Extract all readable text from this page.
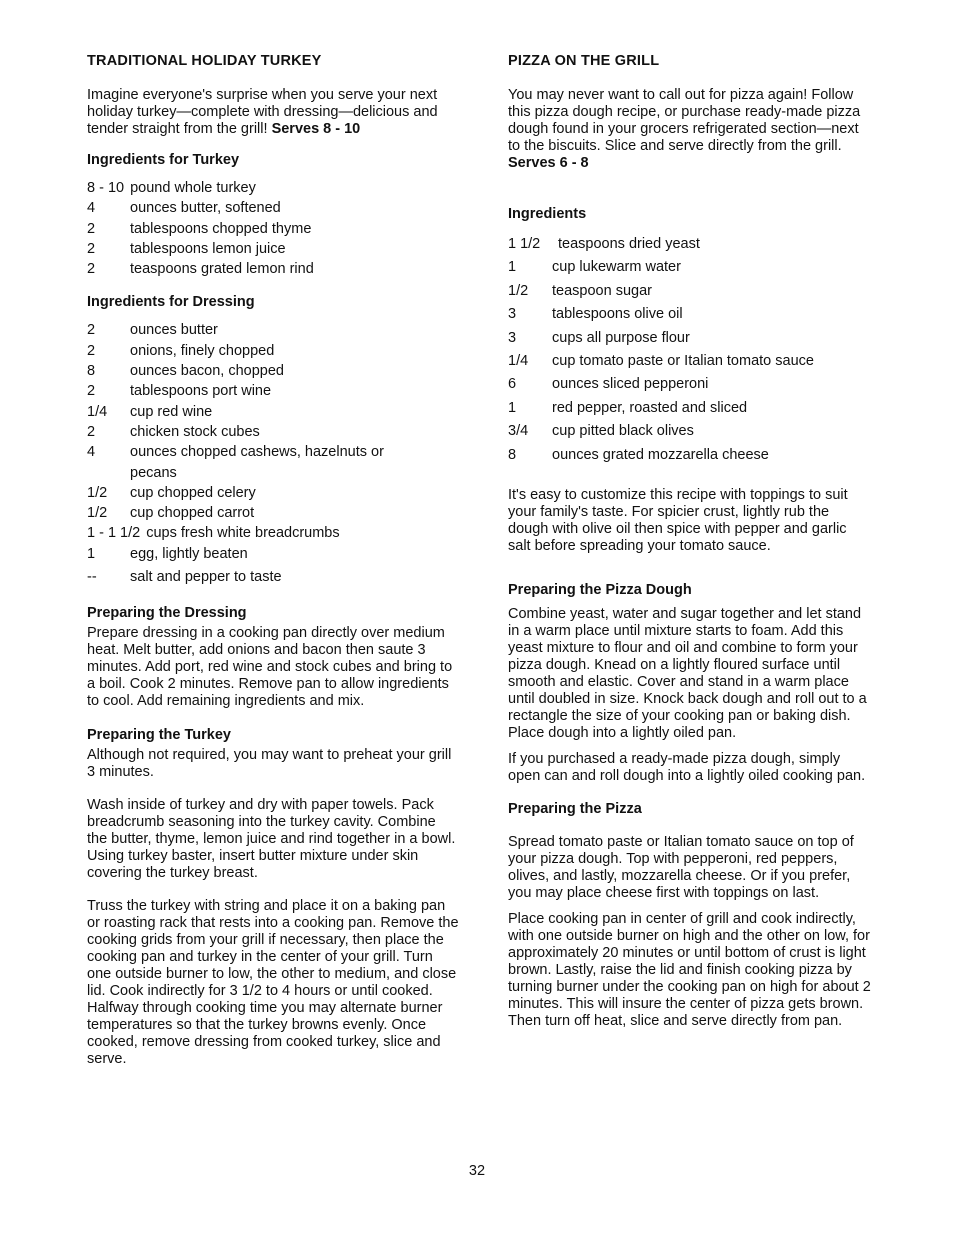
TRADITIONAL HOLIDAY TURKEY

Imagine everyone's surprise when you serve your next holiday turkey—complete with dressing—delicious and tender straight from the grill! Serves 8 - 10

Ingredients for Turkey
8 - 10 pound whole turkey
4	ounces butter, softened
2	tablespoons chopped thyme
2	tablespoons lemon juice
2	teaspoons grated lemon rind
Ingredients for Dressing
2	ounces butter
2	onions, finely chopped
8	ounces bacon, chopped
2	tablespoons port wine
1/4	cup red wine
2	chicken stock cubes
4	ounces chopped cashews, hazelnuts or pecans
1/2	cup chopped celery
1/2	cup chopped carrot
1 - 1 1/2 cups fresh white breadcrumbs
1	egg, lightly beaten
--	salt and pepper to taste
Preparing the Dressing

Prepare dressing in a cooking pan directly over medium heat. Melt butter, add onions and bacon then saute 3 minutes. Add port, red wine and stock cubes and bring to a boil. Cook 2 minutes. Remove pan to allow ingredients to cool. Add remaining ingredients and mix.

Preparing the Turkey

Although not required, you may want to preheat your grill 3 minutes.

Wash inside of turkey and dry with paper towels. Pack breadcrumb seasoning into the turkey cavity. Combine the butter, thyme, lemon juice and rind together in a bowl. Using turkey baster, insert butter mixture under skin covering the turkey breast.

Truss the turkey with string and place it on a baking pan or roasting rack that rests into a cooking pan. Remove the cooking grids from your grill if necessary, then place the cooking pan and turkey in the center of your grill. Turn one outside burner to low, the other to medium, and close lid. Cook indirectly for 3 1/2 to 4 hours or until cooked. Halfway through cooking time you may alternate burner temperatures so that the turkey browns evenly. Once cooked, remove dressing from cooked turkey, slice and serve.

PIZZA ON THE GRILL

You may never want to call out for pizza again! Follow this pizza dough recipe, or purchase ready-made pizza dough found in your grocers refrigerated section—next to the biscuits. Slice and serve directly from the grill. Serves 6 - 8

Ingredients
1 1/2	teaspoons dried yeast
1	cup lukewarm water
1/2	teaspoon sugar
3	tablespoons olive oil
3	cups all purpose flour
1/4	cup tomato paste or Italian tomato sauce
6	ounces sliced pepperoni
1	red pepper, roasted and sliced
3/4	cup pitted black olives
8	ounces grated mozzarella cheese

It's easy to customize this recipe with toppings to suit your family's taste. For spicier crust, lightly rub the dough with olive oil then spice with pepper and garlic salt before spreading your tomato sauce.

Preparing the Pizza Dough

Combine yeast, water and sugar together and let stand in a warm place until mixture starts to foam. Add this yeast mixture to flour and oil and combine to form your pizza dough. Knead on a lightly floured surface until smooth and elastic. Cover and stand in a warm place until doubled in size. Knock back dough and roll out to a rectangle the size of your cooking pan or baking dish. Place dough into a lightly oiled pan.

If you purchased a ready-made pizza dough, simply open can and roll dough into a lightly oiled cooking pan.

Preparing the Pizza

Spread tomato paste or Italian tomato sauce on top of your pizza dough. Top with pepperoni, red peppers, olives, and lastly, mozzarella cheese. Or if you prefer, you may place cheese first with toppings on last.

Place cooking pan in center of grill and cook indirectly, with one outside burner on high and the other on low, for approximately 20 minutes or until bottom of crust is light brown. Lastly, raise the lid and finish cooking pizza by turning burner under the cooking pan on high for about 2 minutes. This will insure the center of pizza gets brown. Then turn off heat, slice and serve directly from pan.

32
